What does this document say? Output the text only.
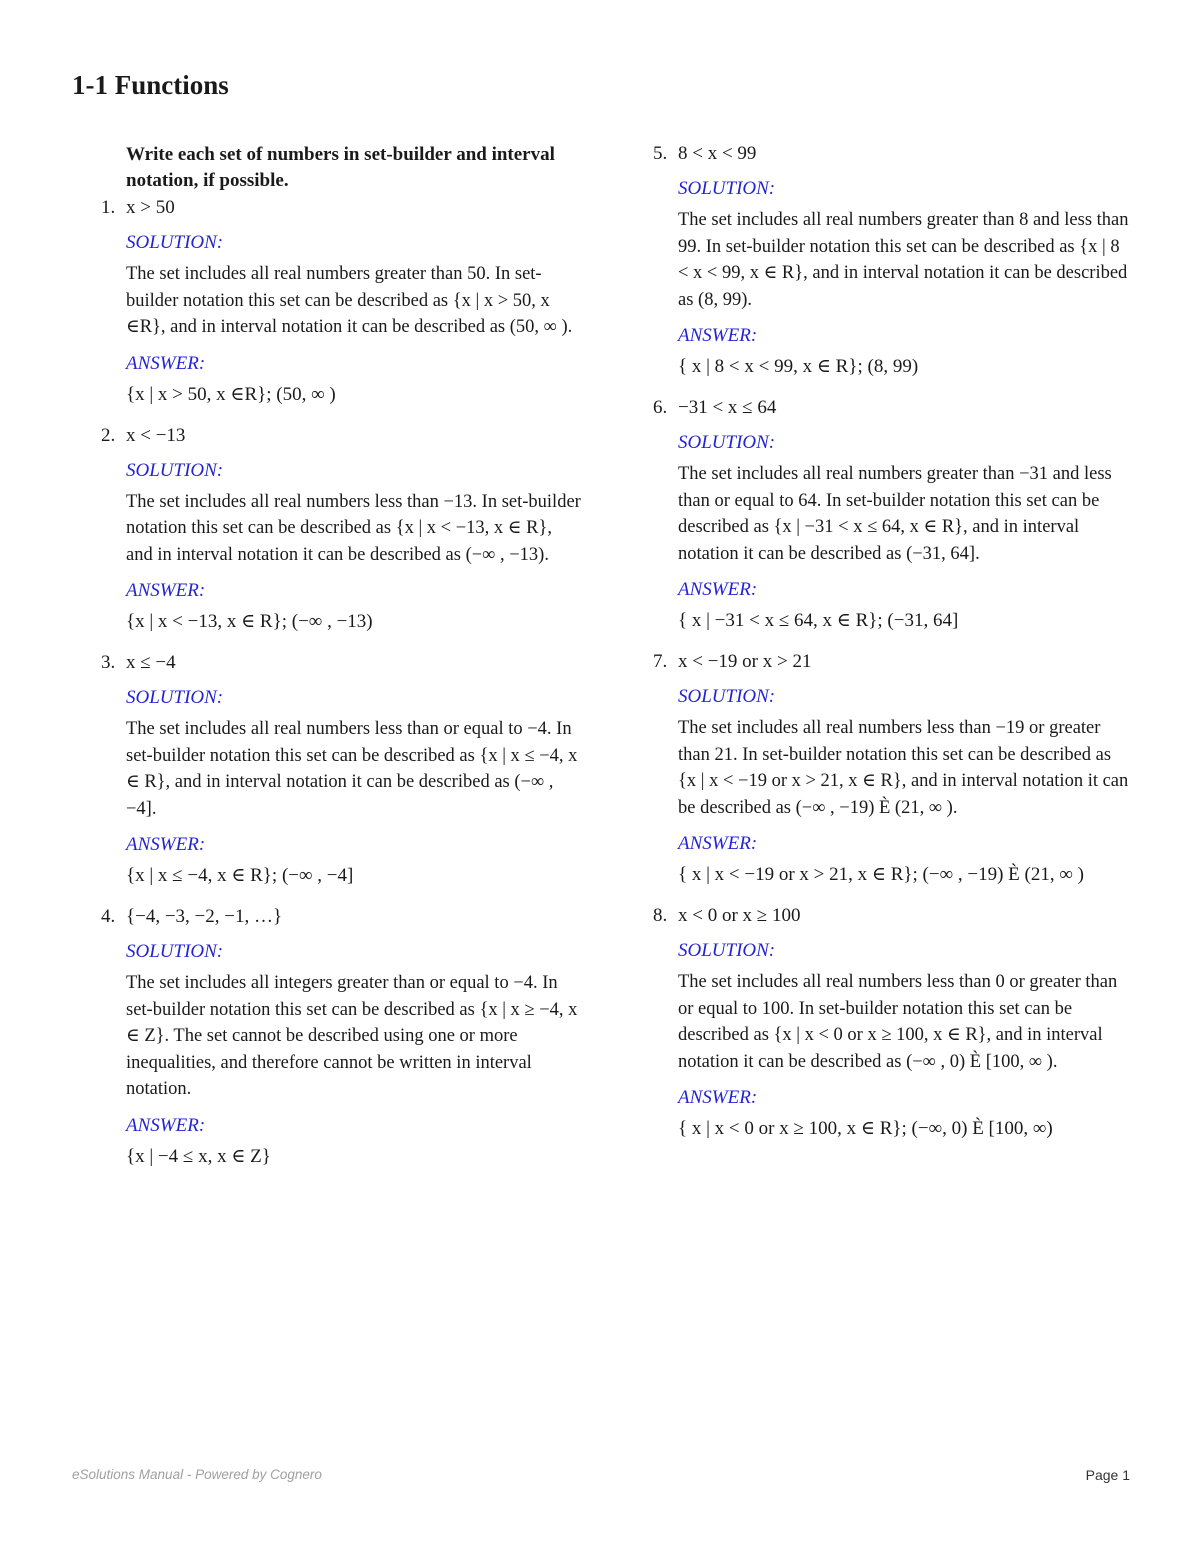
1-1 Functions
Write each set of numbers in set-builder and interval notation, if possible.
1. x > 50
SOLUTION:
The set includes all real numbers greater than 50. In set-builder notation this set can be described as {x | x > 50, x ∈R}, and in interval notation it can be described as (50, ∞ ).
ANSWER:
{x | x > 50, x ∈R}; (50, ∞ )
2. x < −13
SOLUTION:
The set includes all real numbers less than −13. In set-builder notation this set can be described as {x | x < −13, x ∈ R}, and in interval notation it can be described as (−∞ , −13).
ANSWER:
{x | x < −13, x ∈ R}; (−∞ , −13)
3. x ≤ −4
SOLUTION:
The set includes all real numbers less than or equal to −4. In set-builder notation this set can be described as {x | x ≤ −4, x ∈ R}, and in interval notation it can be described as (−∞ , −4].
ANSWER:
{x | x ≤ −4, x ∈ R}; (−∞ , −4]
4. {−4, −3, −2, −1, …}
SOLUTION:
The set includes all integers greater than or equal to −4. In set-builder notation this set can be described as {x | x ≥ −4, x ∈ Z}. The set cannot be described using one or more inequalities, and therefore cannot be written in interval notation.
ANSWER:
{x | −4 ≤ x, x ∈ Z}
5. 8 < x < 99
SOLUTION:
The set includes all real numbers greater than 8 and less than 99. In set-builder notation this set can be described as {x | 8 < x < 99, x ∈ R}, and in interval notation it can be described as (8, 99).
ANSWER:
{ x | 8 < x < 99, x ∈ R}; (8, 99)
6. −31 < x ≤ 64
SOLUTION:
The set includes all real numbers greater than −31 and less than or equal to 64. In set-builder notation this set can be described as {x | −31 < x ≤ 64, x ∈ R}, and in interval notation it can be described as (−31, 64].
ANSWER:
{ x | −31 < x ≤ 64, x ∈ R}; (−31, 64]
7. x < −19 or x > 21
SOLUTION:
The set includes all real numbers less than −19 or greater than 21. In set-builder notation this set can be described as {x | x < −19 or x > 21, x ∈ R}, and in interval notation it can be described as (−∞ , −19) È (21, ∞ ).
ANSWER:
{ x | x < −19 or x > 21, x ∈ R}; (−∞ , −19) È (21, ∞ )
8. x < 0 or x ≥ 100
SOLUTION:
The set includes all real numbers less than 0 or greater than or equal to 100. In set-builder notation this set can be described as {x | x < 0 or x ≥ 100, x ∈ R}, and in interval notation it can be described as (−∞ , 0) È [100, ∞ ).
ANSWER:
{ x | x < 0 or x ≥ 100, x ∈ R}; (−∞, 0) È [100, ∞)
eSolutions Manual - Powered by Cognero	Page 1
